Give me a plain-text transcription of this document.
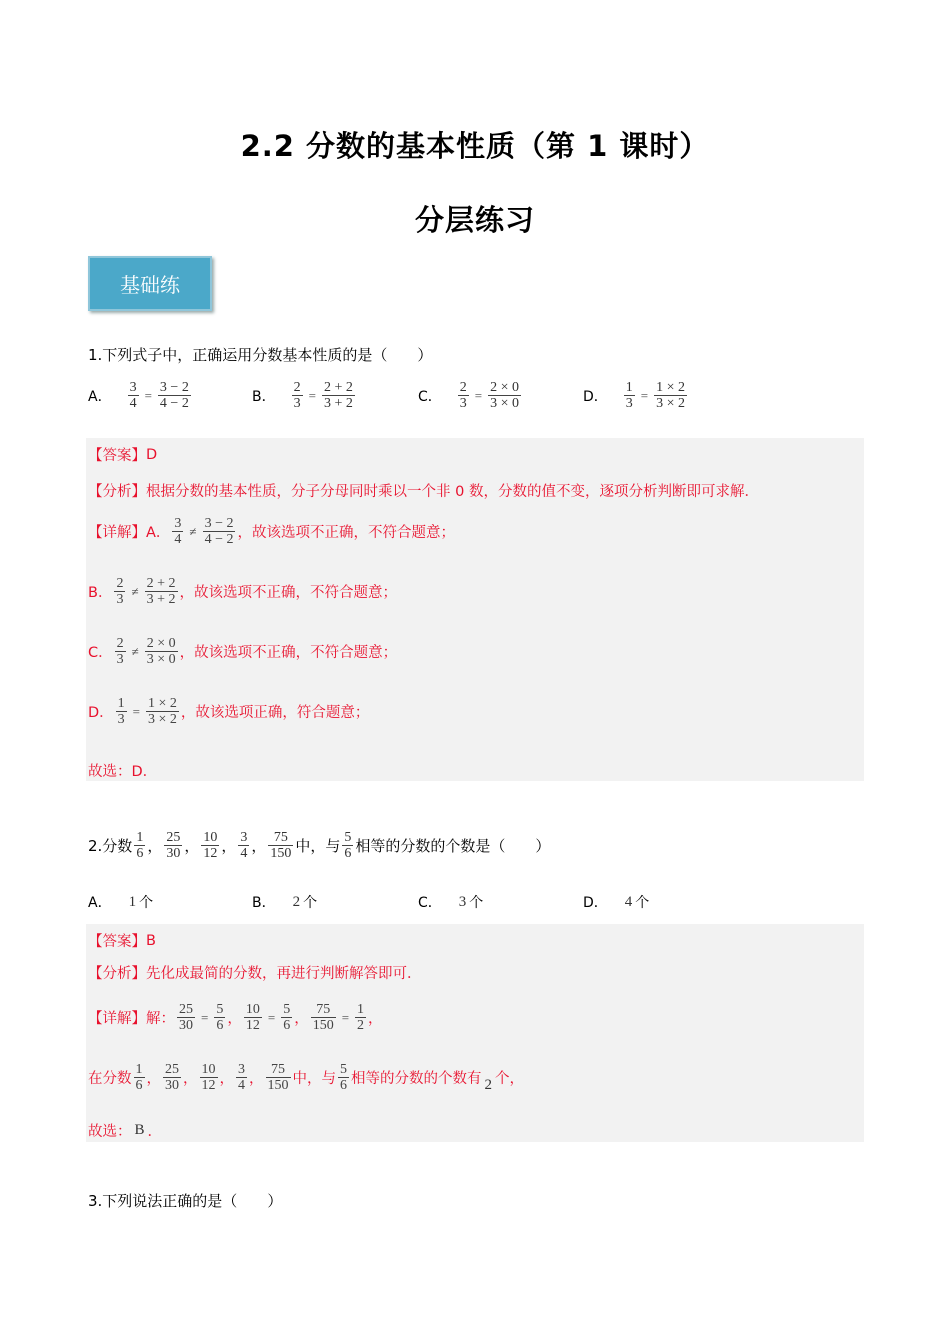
2.2 分数的基本性质（第 1 课时）
分层练习
基础练
1.下列式子中，正确运用分数基本性质的是（　　）
A． $\frac{3}{4} = \frac{3 - 2}{4 - 2}$	B． $\frac{2}{3} = \frac{2 + 2}{3 + 2}$	C． $\frac{2}{3} = \frac{2 \times 0}{3 \times 0}$	D． $\frac{1}{3} = \frac{1 \times 2}{3 \times 2}$
【答案】 D
【分析】 根据分数的基本性质，分子分母同时乘以一个非 0 数，分数的值不变，逐项分析判断即可求解．
【详解】 A． $\frac{3}{4} \ne \frac{3 - 2}{4 - 2}$ ，故该选项不正确，不符合题意；
B． $\frac{2}{3} \ne \frac{2 + 2}{3 + 2}$ ，故该选项不正确，不符合题意；
C． $\frac{2}{3} \ne \frac{2 \times 0}{3 \times 0}$ ，故该选项不正确，不符合题意；
D． $\frac{1}{3} = \frac{1 \times 2}{3 \times 2}$ ，故该选项正确，符合题意；
故选：D．
2.分数 $\frac{1}{6}$ ， $\frac{25}{30}$ ， $\frac{10}{12}$ ， $\frac{3}{4}$ ， $\frac{75}{150}$ 中，与 $\frac{5}{6}$ 相等的分数的个数是（　　）
A． 1 个	B． 2 个	C． 3 个	D． 4 个
【答案】 B
【分析】 先化成最简的分数，再进行判断解答即可．
【详解】 解： $\frac{25}{30} = \frac{5}{6}$ ， $\frac{10}{12} = \frac{5}{6}$ ， $\frac{75}{150} = \frac{1}{2}$ ，
在分数 $\frac{1}{6}$ ， $\frac{25}{30}$ ， $\frac{10}{12}$ ， $\frac{3}{4}$ ， $\frac{75}{150}$ 中，与 $\frac{5}{6}$ 相等的分数的个数有 2 个，
故选： B ．
3.下列说法正确的是（　　）
